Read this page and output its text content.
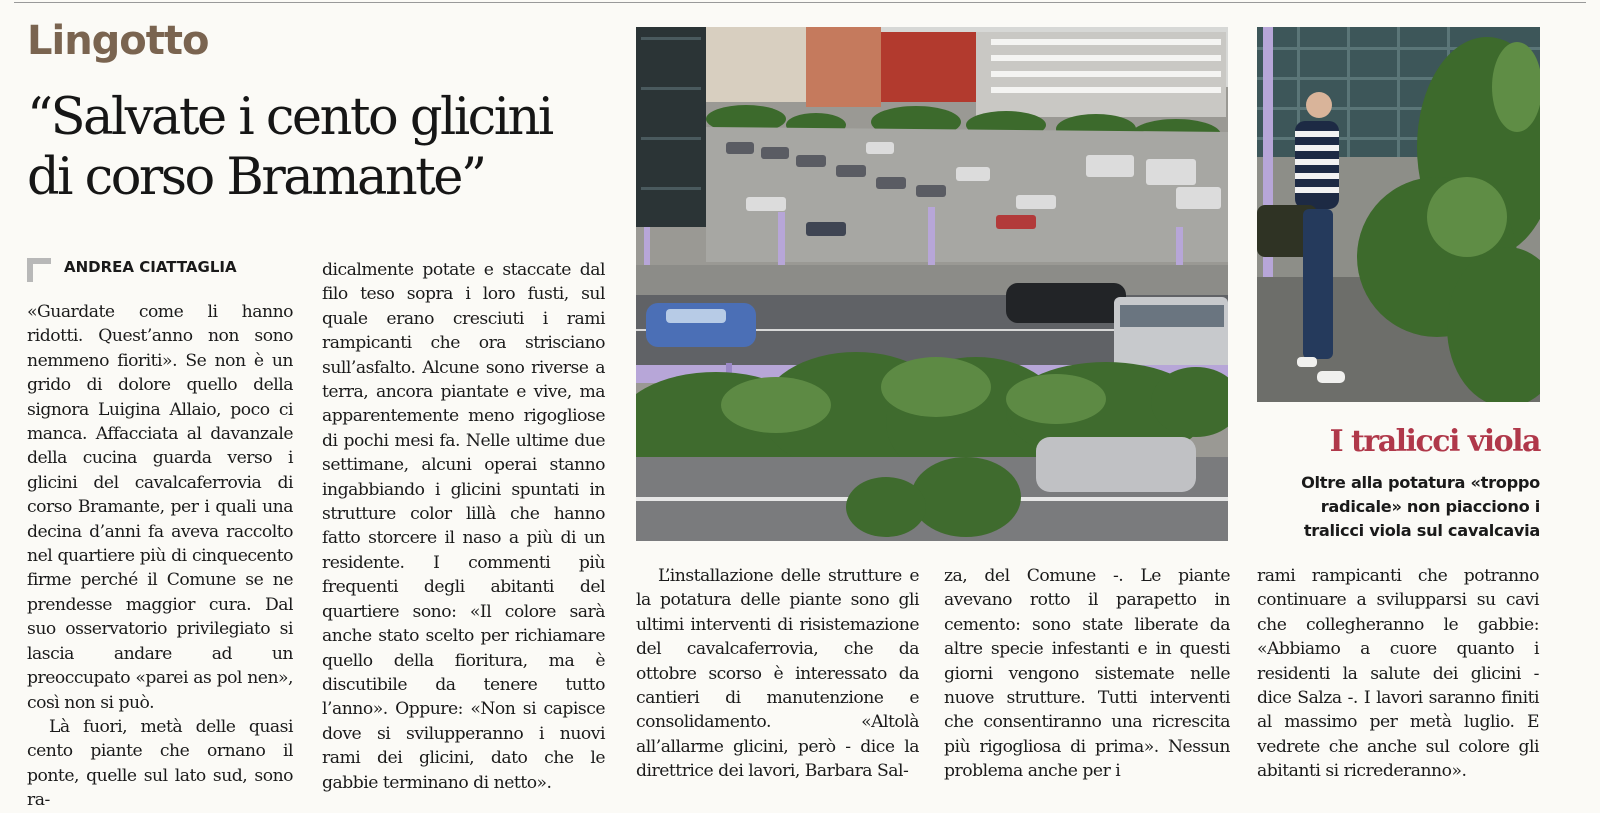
Lingotto
“Salvate i cento glicini di corso Bramante”
ANDREA CIATTAGLIA

«Guardate come li hanno ridotti. Quest’anno non sono nemmeno fioriti». Se non è un grido di dolore quello della signora Luigina Allaio, poco ci manca. Affacciata al davanzale della cucina guarda verso i glicini del cavalcaferrovia di corso Bramante, per i quali una decina d’anni fa aveva raccolto nel quartiere più di cinquecento firme perché il Comune se ne prendesse maggior cura. Dal suo osservatorio privilegiato si lascia andare ad un preoccupato «parei as pol nen», così non si può.

Là fuori, metà delle quasi cento piante che ornano il ponte, quelle sul lato sud, sono ra-

dicalmente potate e staccate dal filo teso sopra i loro fusti, sul quale erano cresciuti i rami rampicanti che ora strisciano sull’asfalto. Alcune sono riverse a terra, ancora piantate e vive, ma apparentemente meno rigogliose di pochi mesi fa. Nelle ultime due settimane, alcuni operai stanno ingabbiando i glicini spuntati in strutture color lillà che hanno fatto storcere il naso a più di un residente. I commenti più frequenti degli abitanti del quartiere sono: «Il colore sarà anche stato scelto per richiamare quello della fioritura, ma è discutibile da tenere tutto l’anno». Oppure: «Non si capisce dove si svilupperanno i nuovi rami dei glicini, dato che le gabbie terminano di netto».

I tralicci viola

Oltre alla potatura «troppo radicale» non piacciono i tralicci viola sul cavalcavia

L’installazione delle strutture e la potatura delle piante sono gli ultimi interventi di risistemazione del cavalcaferrovia, che da ottobre scorso è interessato da cantieri di manutenzione e consolidamento. «Altolà all’allarme glicini, però - dice la direttrice dei lavori, Barbara Sal-

za, del Comune -. Le piante avevano rotto il parapetto in cemento: sono state liberate da altre specie infestanti e in questi giorni vengono sistemate nelle nuove strutture. Tutti interventi che consentiranno una ricrescita più rigogliosa di prima». Nessun problema anche per i

rami rampicanti che potranno continuare a svilupparsi su cavi che collegheranno le gabbie: «Abbiamo a cuore quanto i residenti la salute dei glicini - dice Salza -. I lavori saranno finiti al massimo per metà luglio. E vedrete che anche sul colore gli abitanti si ricrederanno».
